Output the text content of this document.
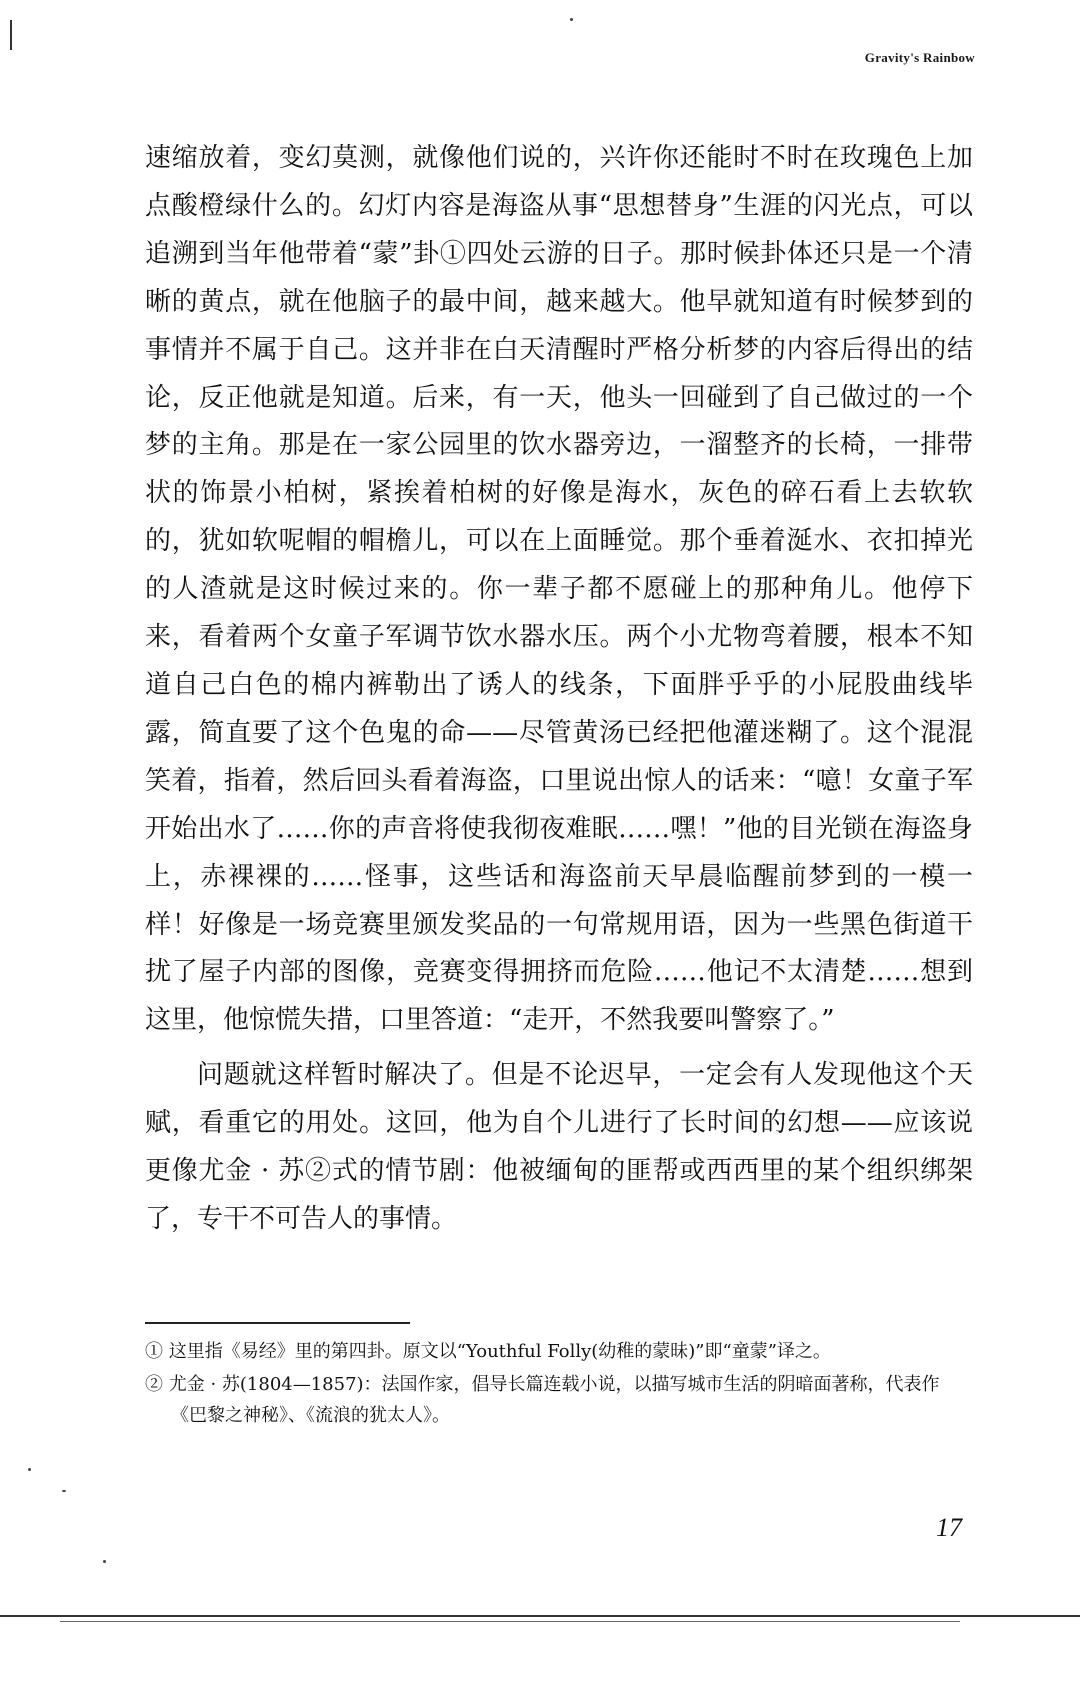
Gravity's Rainbow

速缩放着，变幻莫测，就像他们说的，兴许你还能时不时在玫瑰色上加点酸橙绿什么的。幻灯内容是海盗从事“思想替身”生涯的闪光点，可以追溯到当年他带着“蒙”卦①四处云游的日子。那时候卦体还只是一个清晰的黄点，就在他脑子的最中间，越来越大。他早就知道有时候梦到的事情并不属于自己。这并非在白天清醒时严格分析梦的内容后得出的结论，反正他就是知道。后来，有一天，他头一回碰到了自己做过的一个梦的主角。那是在一家公园里的饮水器旁边，一溜整齐的长椅，一排带状的饰景小柏树，紧挨着柏树的好像是海水，灰色的碎石看上去软软的，犹如软呢帽的帽檐儿，可以在上面睡觉。那个垂着涎水、衣扣掉光的人渣就是这时候过来的。你一辈子都不愿碰上的那种角儿。他停下来，看着两个女童子军调节饮水器水压。两个小尤物弯着腰，根本不知道自己白色的棉内裤勒出了诱人的线条，下面胖乎乎的小屁股曲线毕露，简直要了这个色鬼的命——尽管黄汤已经把他灌迷糊了。这个混混笑着，指着，然后回头看着海盗，口里说出惊人的话来：“噫！女童子军开始出水了……你的声音将使我彻夜难眠……嘿！”他的目光锁在海盗身上，赤裸裸的……怪事，这些话和海盗前天早晨临醒前梦到的一模一样！好像是一场竞赛里颁发奖品的一句常规用语，因为一些黑色街道干扰了屋子内部的图像，竞赛变得拥挤而危险……他记不太清楚……想到这里，他惊慌失措，口里答道：“走开，不然我要叫警察了。”

问题就这样暂时解决了。但是不论迟早，一定会有人发现他这个天赋，看重它的用处。这回，他为自个儿进行了长时间的幻想——应该说更像尤金 · 苏②式的情节剧：他被缅甸的匪帮或西西里的某个组织绑架了，专干不可告人的事情。

① 这里指《易经》里的第四卦。原文以“Youthful Folly(幼稚的蒙昧)”即“童蒙”译之。

② 尤金 · 苏(1804—1857)：法国作家，倡导长篇连载小说，以描写城市生活的阴暗面著称，代表作《巴黎之神秘》、《流浪的犹太人》。

17
